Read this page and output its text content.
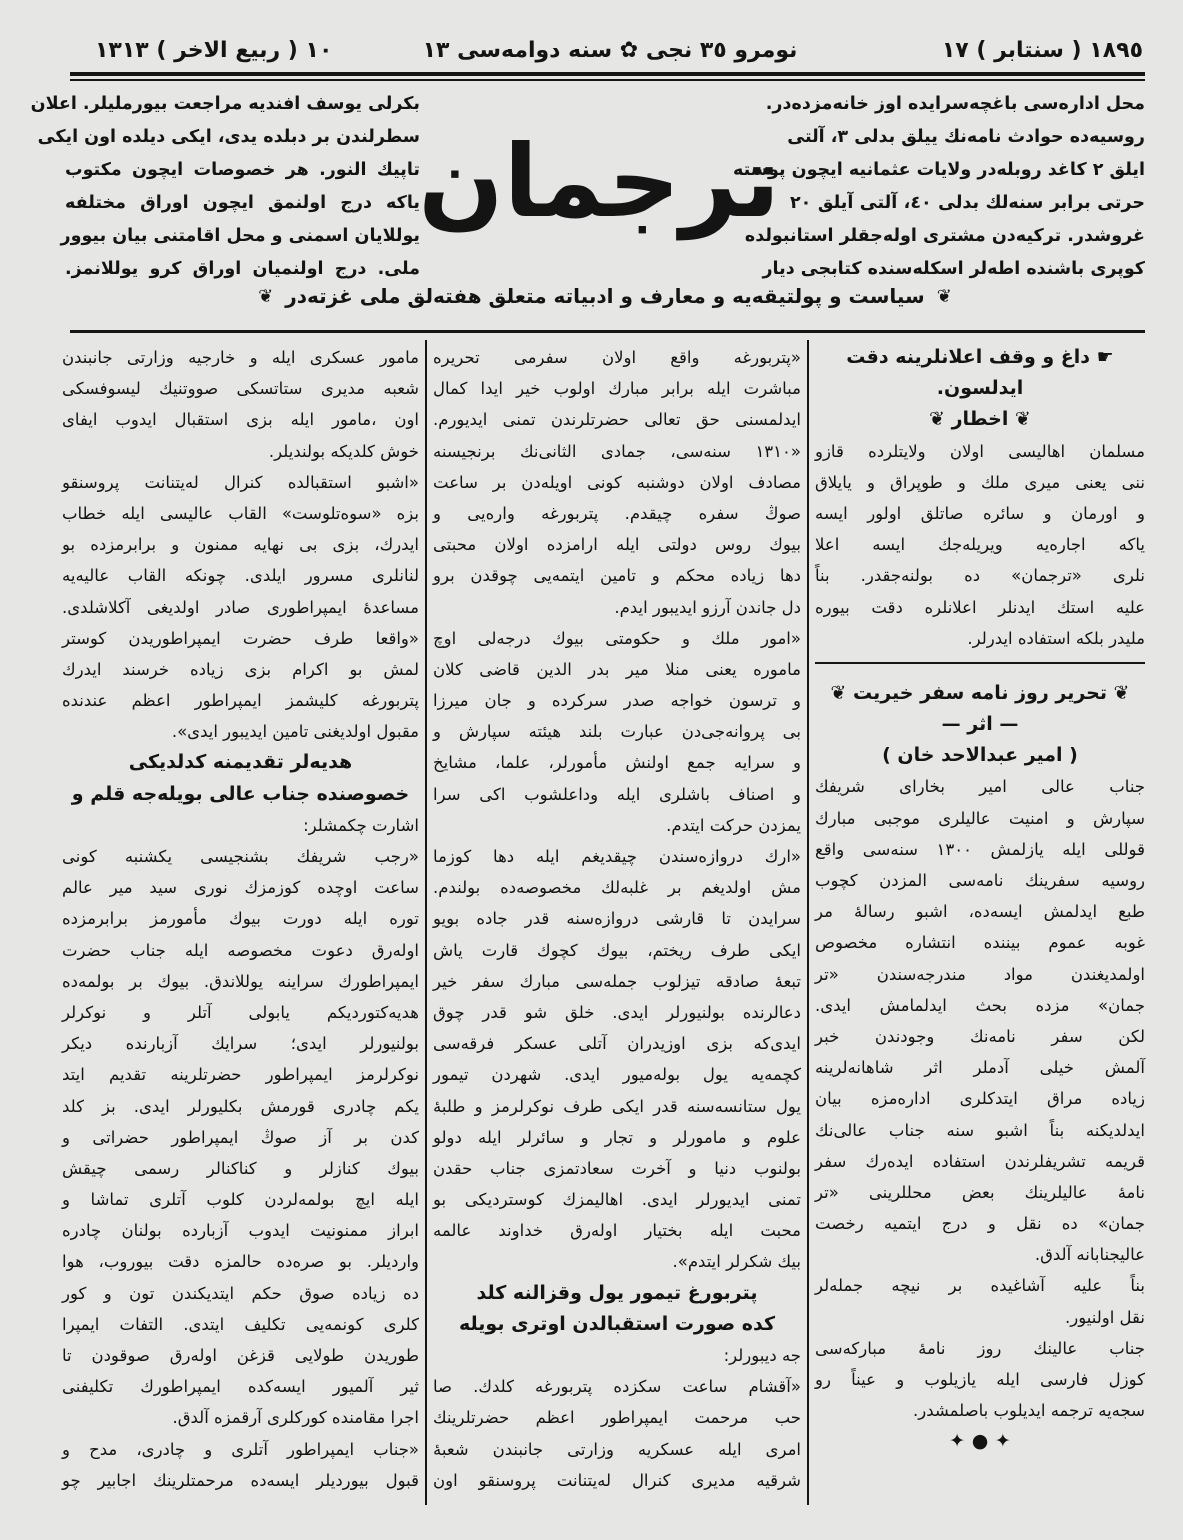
١٨٩٥ ( سنتابر ) ١٧
نومرو ٣٥ نجی ✿ سنە دوامەسی ١٣
١٠ ( ربیع الاخر ) ١٣١٣
محل ادارەسی باغچەسرایدە اوز خانەمزدەدر.
روسیەدە حوادث نامەنك ییلق بدلی ٣، آلتی
ایلق ٢ كاغد روبلەدر ولایات عثمانیە ایچون پوستە
حرتی برابر سنەلك بدلی ٤٠، آلتی آیلق ٢٠
غروشدر. تركیەدن مشتری اولەجقلر استانبولدە
كوپری باشندە اطەلر اسكلەسندە كتابجی دیار
بكرلی یوسف افندیە مراجعت بیورملیلر. اعلان
سطرلندن بر دبلدە یدی، ایكی دیلدە اون ایكی
تاپیك النور. هر خصوصات ایچون مكتوب
یاكە درج اولنمق ایچون اوراق مختلفە
یوللایان اسمنی و محل اقامتنی بیان بیوور
ملی. درج اولنمیان اوراق كرو یوللانمز.
ترجمان
❦ سیاست و پولتیقەیە و معارف و ادبیاتە متعلق هفتەلق ملی غزتەدر ❦
☛ داغ و وقف اعلانلرینە دقت
ایدلسون.
❦ اخطار ❦
مسلمان اهالیسی اولان ولایتلردە قازو
ننی یعنی میری ملك و طوپراق و یایلاق
و اورمان و سائرە صاتلق اولور ایسە
یاكە اجارەیە ویریلەجك ایسە اعلا
نلری «ترجمان» دە بولنەجقدر. بناً
علیە استك ایدنلر اعلانلرە دقت بیورە
ملیدر بلكە استفادە ایدرلر.
❦ تحریر روز نامە سفر خیریت ❦
— اثر —
( امیر عبدالاحد خان )
جناب عالی امیر بخارای شریفك
سپارش و امنیت عالیلری موجبی مبارك
قوللی ایلە یازلمش ١٣٠٠ سنەسی واقع
روسیە سفرینك نامەسی المزدن كچوب
طبع ایدلمش ایسەدە، اشبو رسالۀ مر
غوبە عموم بیننده انتشارە مخصوص
اولمدیغندن مواد مندرجەسندن «تر
جمان» مزدە بحث ایدلمامش ایدی.
لكن سفر نامەنك وجودندن خبر
آلمش خیلی آدملر اثر شاهانەلرینە
زیادە مراق ایتدكلری ادارەمزە بیان
ایدلدیكنە بناً اشبو سنە جناب عالی‌نك
قریمە تشریفلرندن استفادە ایدەرك سفر
نامۀ عالیلرینك بعض محللرینی «تر
جمان» دە نقل و درج ایتمیە رخصت
عالیجنابانە آلدق.
بناً علیە آشاغیدە بر نیچە جملەلر
نقل اولنیور.
جناب عالینك روز نامۀ مباركەسی
كوزل فارسی ایلە یازیلوب و عیناً رو
سجەیە ترجمە ایدیلوب باصلمشدر.
✦ ● ✦
«پتربورغە واقع اولان سفرمی تحریرە
مباشرت ایلە برابر مبارك اولوب خیر ایدا كمال
ایدلمسنی حق تعالی حضرتلرندن تمنی ایدیورم.
«١٣١٠ سنەسی، جمادی الثانی‌نك برنجیسنە
مصادف اولان دوشنبە كونی اویلەدن بر ساعت
صوڭ سفرە چیقدم. پتربورغە وارەیی و
بیوك روس دولتی ایلە ارامزدە اولان محبتی
دها زیادە محكم و تامین ایتمەیی چوقدن برو
دل جاندن آرزو ایدیبور ایدم.
«امور ملك و حكومتی بیوك درجەلی اوچ
مامورە یعنی منلا میر بدر الدین قاضی كلان
و ترسون خواجە صدر سركردە و جان میرزا
بی پروانەجی‌دن عبارت بلند هیئتە سپارش و
و سرایە جمع اولنش مأمورلر، علما، مشایخ
و اصناف باشلری ایلە وداعلشوب اكی سرا
یمزدن حركت ایتدم.
«ارك دروازەسندن چیقدیغم ایلە دها كوزما
مش اولدیغم بر غلبەلك مخصوصەدە بولندم.
سرایدن تا قارشی دروازەسنە قدر جادە بویو
ایكی طرف ریختم، بیوك كچوك قارت یاش
تبعۀ صادقە تیزلوب جملەسی مبارك سفر خیر
دعالرندە بولنیورلر ایدی. خلق شو قدر چوق
ایدی‌كە بزی اوزیدران آتلی عسكر فرقەسی
كچمەیە یول بولەمیور ایدی. شهردن تیمور
یول ستانسەسنە قدر ایكی طرف نوكرلرمز و طلبۀ
علوم و مامورلر و تجار و سائرلر ایلە دولو
بولنوب دنیا و آخرت سعادتمزی جناب حقدن
تمنی ایدیورلر ایدی. اهالیمزك كوستردیكی بو
محبت ایلە بختیار اولەرق خداوند عالمە
بیك شكرلر ایتدم».
پتربورغ تیمور یول وقزالنە كلد
كدە صورت استقبالدن اوتری بویلە
جە دیبورلر:
«آقشام ساعت سكزدە پتربورغە كلدك. صا
حب مرحمت ایمپراطور اعظم حضرتلرینك
امری ایلە عسكریە وزارتی جانبندن شعبۀ
شرقیە مدیری كنرال لەیتنانت پروسنقو اون
مامور عسكری ایلە و خارجیە وزارتی جانبندن
شعبە مدیری ستاتسكی صووتنیك لیسوفسكی
اون ،مامور ایلە بزی استقبال ایدوب ایفای
خوش كلدیكە بولندیلر.
«اشبو استقبالدە كنرال لەیتنانت پروسنقو
بزە «سوەتلوست» القاب عالیسی ایلە خطاب
ایدرك، بزی بی نهایە ممنون و برابرمزدە بو
لنانلری مسرور ایلدی. چونكە القاب عالیەیە
مساعدۀ ایمپراطوری صادر اولدیغی آكلاشلدی.
«واقعا طرف حضرت ایمپراطوریدن كوستر
لمش بو اكرام بزی زیادە خرسند ایدرك
پتربورغە كلیشمز ایمپراطور اعظم عندندە
مقبول اولدیغنی تامین ایدیبور ایدی».
هدیەلر تقدیمنە كدلدیكی
خصوصندە جناب عالی بویلەجە قلم و
اشارت چكمشلر:
«رجب شریفك بشنجیسی یكشنبە كونی
ساعت اوچدە كوزمزك نوری سید میر عالم
تورە ایلە دورت بیوك مأمورمز برابرمزدە
اولەرق دعوت مخصوصە ایلە جناب حضرت
ایمپراطورك سراینە یوللاندق. بیوك بر بولمەدە
هدیەكتوردیكم یابولی آتلر و نوكرلر
بولنیورلر ایدی؛ سرایك آزبارندە دیكر
نوكرلرمز ایمپراطور حضرتلرینە تقدیم ایتد
یكم چادری قورمش بكلیورلر ایدی. بز كلد
كدن بر آز صوڭ ایمپراطور حضراتی و
بیوك كنازلر و كناكنالر رسمی چیقش
ایلە ایچ بولمەلردن كلوب آتلری تماشا و
ابراز ممنونیت ایدوب آزبارده بولنان چادرە
واردیلر. بو صرەدە حالمزە دقت بیوروب، هوا
دە زیادە صوق حكم ایتدیكندن تون و كور
كلری كونمەیی تكلیف ایتدی. التفات ایمپرا
طوریدن طولایی قزغن اولەرق صوقودن تا
ثیر آلمیور ایسەكدە ایمپراطورك تكلیفنی
اجرا مقامندە كوركلری آرقمزە آلدق.
«جناب ایمپراطور آتلری و چادری، مدح و
قبول بیوردیلر ایسەدە مرحمتلرینك اجابیر چو
